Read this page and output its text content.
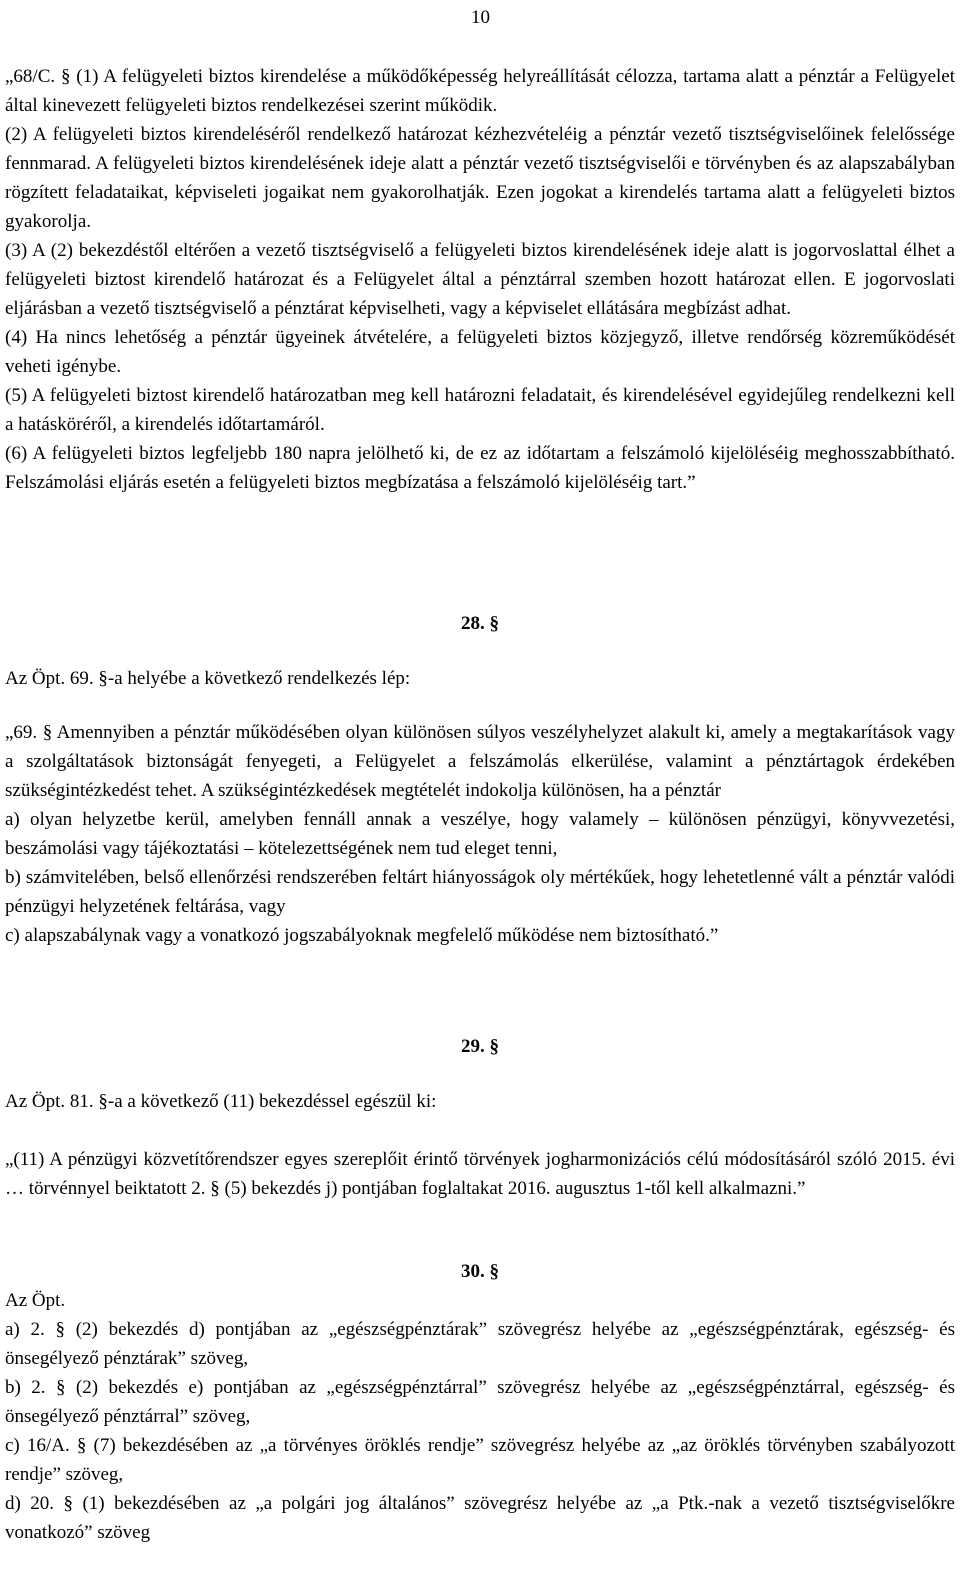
10

„68/C. § (1) A felügyeleti biztos kirendelése a működőképesség helyreállítását célozza, tartama alatt a pénztár a Felügyelet által kinevezett felügyeleti biztos rendelkezései szerint működik.

(2) A felügyeleti biztos kirendeléséről rendelkező határozat kézhezvételéig a pénztár vezető tisztségviselőinek felelőssége fennmarad. A felügyeleti biztos kirendelésének ideje alatt a pénztár vezető tisztségviselői e törvényben és az alapszabályban rögzített feladataikat, képviseleti jogaikat nem gyakorolhatják. Ezen jogokat a kirendelés tartama alatt a felügyeleti biztos gyakorolja.

(3) A (2) bekezdéstől eltérően a vezető tisztségviselő a felügyeleti biztos kirendelésének ideje alatt is jogorvoslattal élhet a felügyeleti biztost kirendelő határozat és a Felügyelet által a pénztárral szemben hozott határozat ellen. E jogorvoslati eljárásban a vezető tisztségviselő a pénztárat képviselheti, vagy a képviselet ellátására megbízást adhat.

(4) Ha nincs lehetőség a pénztár ügyeinek átvételére, a felügyeleti biztos közjegyző, illetve rendőrség közreműködését veheti igénybe.

(5) A felügyeleti biztost kirendelő határozatban meg kell határozni feladatait, és kirendelésével egyidejűleg rendelkezni kell a hatásköréről, a kirendelés időtartamáról.

(6) A felügyeleti biztos legfeljebb 180 napra jelölhető ki, de ez az időtartam a felszámoló kijelöléséig meghosszabbítható. Felszámolási eljárás esetén a felügyeleti biztos megbízatása a felszámoló kijelöléséig tart.”

28. §

Az Öpt. 69. §-a helyébe a következő rendelkezés lép:

„69. § Amennyiben a pénztár működésében olyan különösen súlyos veszélyhelyzet alakult ki, amely a megtakarítások vagy a szolgáltatások biztonságát fenyegeti, a Felügyelet a felszámolás elkerülése, valamint a pénztártagok érdekében szükségintézkedést tehet. A szükségintézkedések megtételét indokolja különösen, ha a pénztár

a) olyan helyzetbe kerül, amelyben fennáll annak a veszélye, hogy valamely – különösen pénzügyi, könyvvezetési, beszámolási vagy tájékoztatási – kötelezettségének nem tud eleget tenni,

b) számvitelében, belső ellenőrzési rendszerében feltárt hiányosságok oly mértékűek, hogy lehetetlenné vált a pénztár valódi pénzügyi helyzetének feltárása, vagy

c) alapszabálynak vagy a vonatkozó jogszabályoknak megfelelő működése nem biztosítható.”

29. §

Az Öpt. 81. §-a a következő (11) bekezdéssel egészül ki:

„(11) A pénzügyi közvetítőrendszer egyes szereplőit érintő törvények jogharmonizációs célú módosításáról szóló 2015. évi … törvénnyel beiktatott 2. § (5) bekezdés j) pontjában foglaltakat 2016. augusztus 1-től kell alkalmazni.”

30. §

Az Öpt.

a) 2. § (2) bekezdés d) pontjában az „egészségpénztárak” szövegrész helyébe az „egészségpénztárak, egészség- és önsegélyező pénztárak” szöveg,

b) 2. § (2) bekezdés e) pontjában az „egészségpénztárral” szövegrész helyébe az „egészségpénztárral, egészség- és önsegélyező pénztárral” szöveg,

c) 16/A. § (7) bekezdésében az „a törvényes öröklés rendje” szövegrész helyébe az „az öröklés törvényben szabályozott rendje” szöveg,

d) 20. § (1) bekezdésében az „a polgári jog általános” szövegrész helyébe az „a Ptk.-nak a vezető tisztségviselőkre vonatkozó” szöveg
